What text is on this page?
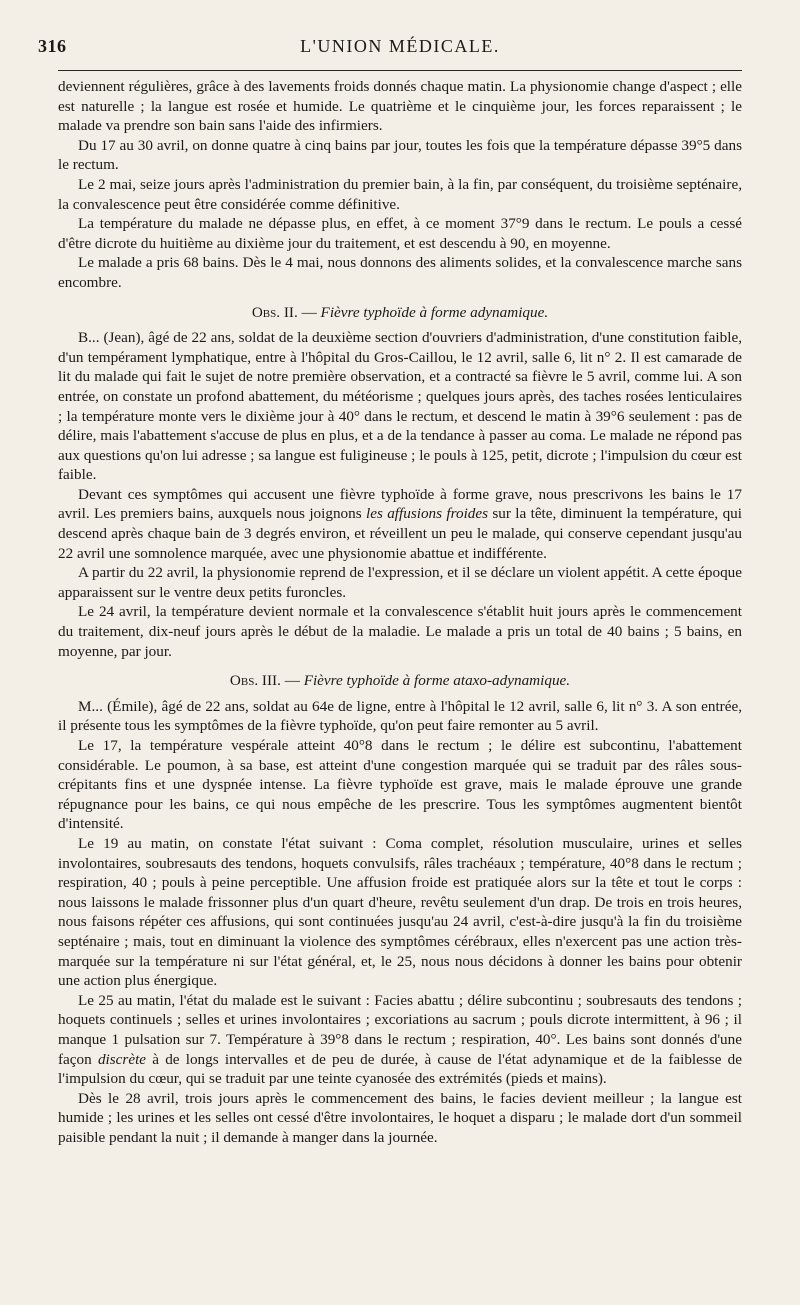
316	L'UNION MÉDICALE.

deviennent régulières, grâce à des lavements froids donnés chaque matin. La physionomie change d'aspect ; elle est naturelle ; la langue est rosée et humide. Le quatrième et le cinquième jour, les forces reparaissent ; le malade va prendre son bain sans l'aide des infirmiers.

Du 17 au 30 avril, on donne quatre à cinq bains par jour, toutes les fois que la température dépasse 39°5 dans le rectum.

Le 2 mai, seize jours après l'administration du premier bain, à la fin, par conséquent, du troisième septénaire, la convalescence peut être considérée comme définitive.

La température du malade ne dépasse plus, en effet, à ce moment 37°9 dans le rectum. Le pouls a cessé d'être dicrote du huitième au dixième jour du traitement, et est descendu à 90, en moyenne.

Le malade a pris 68 bains. Dès le 4 mai, nous donnons des aliments solides, et la convalescence marche sans encombre.

Obs. II. — Fièvre typhoïde à forme adynamique.

B... (Jean), âgé de 22 ans, soldat de la deuxième section d'ouvriers d'administration, d'une constitution faible, d'un tempérament lymphatique, entre à l'hôpital du Gros-Caillou, le 12 avril, salle 6, lit n° 2. Il est camarade de lit du malade qui fait le sujet de notre première observation, et a contracté sa fièvre le 5 avril, comme lui. A son entrée, on constate un profond abattement, du météorisme ; quelques jours après, des taches rosées lenticulaires ; la température monte vers le dixième jour à 40° dans le rectum, et descend le matin à 39°6 seulement : pas de délire, mais l'abattement s'accuse de plus en plus, et a de la tendance à passer au coma. Le malade ne répond pas aux questions qu'on lui adresse ; sa langue est fuligineuse ; le pouls à 125, petit, dicrote ; l'impulsion du cœur est faible.

Devant ces symptômes qui accusent une fièvre typhoïde à forme grave, nous prescrivons les bains le 17 avril. Les premiers bains, auxquels nous joignons les affusions froides sur la tête, diminuent la température, qui descend après chaque bain de 3 degrés environ, et réveillent un peu le malade, qui conserve cependant jusqu'au 22 avril une somnolence marquée, avec une physionomie abattue et indifférente.

A partir du 22 avril, la physionomie reprend de l'expression, et il se déclare un violent appétit. A cette époque apparaissent sur le ventre deux petits furoncles.

Le 24 avril, la température devient normale et la convalescence s'établit huit jours après le commencement du traitement, dix-neuf jours après le début de la maladie. Le malade a pris un total de 40 bains ; 5 bains, en moyenne, par jour.

Obs. III. — Fièvre typhoïde à forme ataxo-adynamique.

M... (Émile), âgé de 22 ans, soldat au 64e de ligne, entre à l'hôpital le 12 avril, salle 6, lit n° 3. A son entrée, il présente tous les symptômes de la fièvre typhoïde, qu'on peut faire remonter au 5 avril.

Le 17, la température vespérale atteint 40°8 dans le rectum ; le délire est subcontinu, l'abattement considérable. Le poumon, à sa base, est atteint d'une congestion marquée qui se traduit par des râles sous-crépitants fins et une dyspnée intense. La fièvre typhoïde est grave, mais le malade éprouve une grande répugnance pour les bains, ce qui nous empêche de les prescrire. Tous les symptômes augmentent bientôt d'intensité.

Le 19 au matin, on constate l'état suivant : Coma complet, résolution musculaire, urines et selles involontaires, soubresauts des tendons, hoquets convulsifs, râles trachéaux ; température, 40°8 dans le rectum ; respiration, 40 ; pouls à peine perceptible. Une affusion froide est pratiquée alors sur la tête et tout le corps : nous laissons le malade frissonner plus d'un quart d'heure, revêtu seulement d'un drap. De trois en trois heures, nous faisons répéter ces affusions, qui sont continuées jusqu'au 24 avril, c'est-à-dire jusqu'à la fin du troisième septénaire ; mais, tout en diminuant la violence des symptômes cérébraux, elles n'exercent pas une action très-marquée sur la température ni sur l'état général, et, le 25, nous nous décidons à donner les bains pour obtenir une action plus énergique.

Le 25 au matin, l'état du malade est le suivant : Facies abattu ; délire subcontinu ; soubresauts des tendons ; hoquets continuels ; selles et urines involontaires ; excoriations au sacrum ; pouls dicrote intermittent, à 96 ; il manque 1 pulsation sur 7. Température à 39°8 dans le rectum ; respiration, 40°. Les bains sont donnés d'une façon discrète à de longs intervalles et de peu de durée, à cause de l'état adynamique et de la faiblesse de l'impulsion du cœur, qui se traduit par une teinte cyanosée des extrémités (pieds et mains).

Dès le 28 avril, trois jours après le commencement des bains, le facies devient meilleur ; la langue est humide ; les urines et les selles ont cessé d'être involontaires, le hoquet a disparu ; le malade dort d'un sommeil paisible pendant la nuit ; il demande à manger dans la journée.
